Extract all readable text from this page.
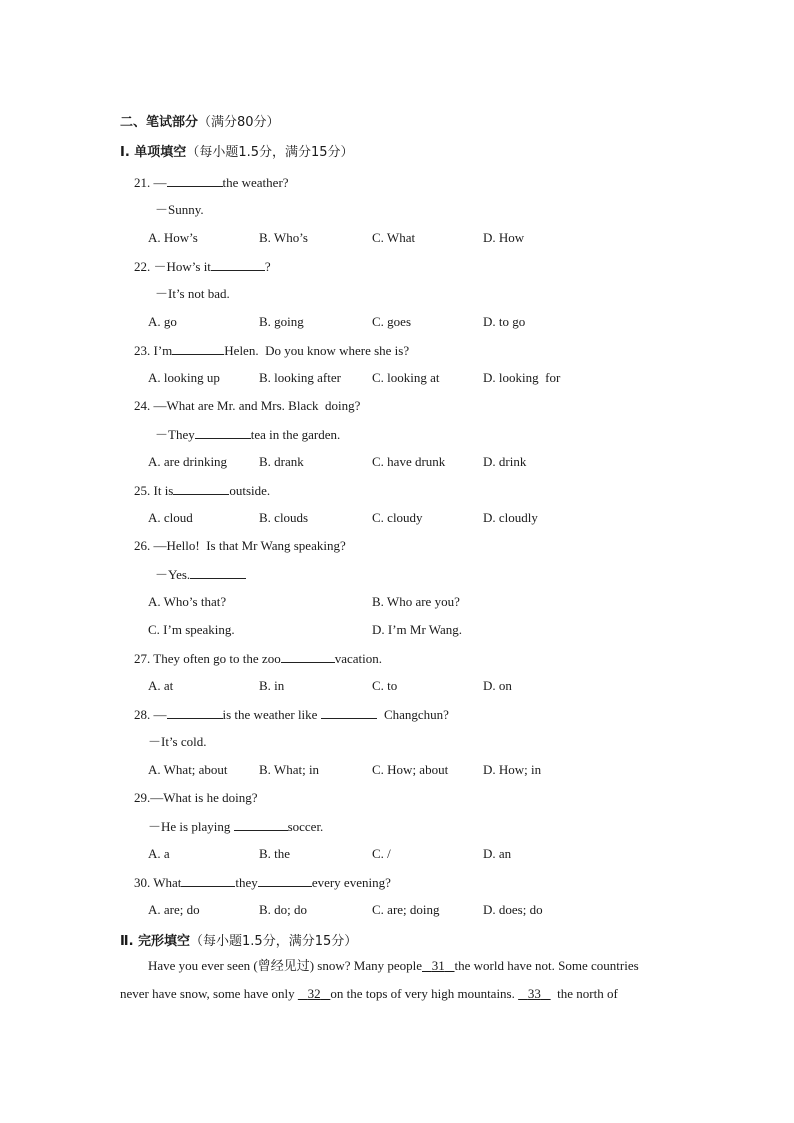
二、笔试部分（满分80分）
Ⅰ. 单项填空（每小题1.5分，满分15分）
21. —	the weather?
－Sunny.
A. How’s	B. Who’s	C. What	D. How
22. －How’s it	?
－It’s not bad.
A. go	B. going	C. goes	D. to go
23. I’m	Helen.  Do you know where she is?
A. looking up	B. looking after C. looking at	D. looking  for
24. —What are Mr. and Mrs. Black  doing?
－They	tea in the garden.
A. are drinking B. drank	C. have drunk	D. drink
25. It is	outside.
A. cloud	B. clouds	C. cloudy	D. cloudly
26. —Hello!  Is that Mr Wang speaking?
－Yes.
A. Who’s that?	B. Who are you?
C. I’m speaking.	D. I’m Mr Wang.
27. They often go to the zoo	vacation.
A. at	B. in	C. to	D. on
28. —	is the weather like	Changchun?
－It’s cold.
A. What; about B. What; in	C. How; about	D. How; in
29.—What is he doing?
－He is playing	soccer.
A. a	B. the	C. /	D. an
30. What	they	every evening?
A. are; do	B. do; do	C. are; doing	D. does; do
Ⅱ. 完形填空（每小题1.5分，满分15分）
Have you ever seen (曾经见过) snow? Many people 31 the world have not. Some countries
never have snow, some have only    32 on the tops of very high mountains.    33     the north of
